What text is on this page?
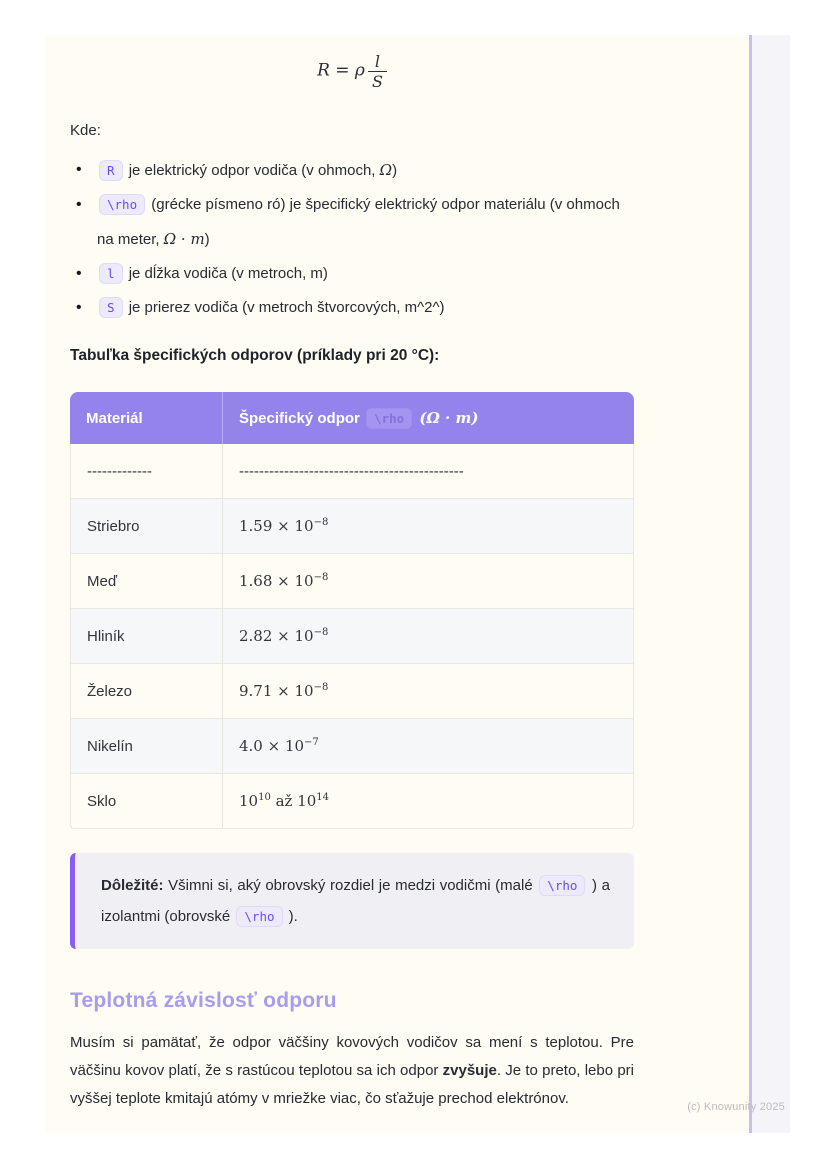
R = ρ $\frac{l}{S}$
Kde:
• R je elektrický odpor vodiča (v ohmoch, Ω)
• \rho (grécke písmeno ró) je špecifický elektrický odpor materiálu (v ohmoch na meter, Ω · m)
• l je dĺžka vodiča (v metroch, m)
• S je prierez vodiča (v metroch štvorcových, m^2^)
Tabuľka špecifických odporov (príklady pri 20 °C):
Materiál	Špecifický odpor \rho (Ω · m)
-------------	---------------------------------------------
Striebro	$1.59 \times 10^{-8}$
Meď	$1.68 \times 10^{-8}$
Hliník	$2.82 \times 10^{-8}$
Železo	$9.71 \times 10^{-8}$
Nikelín	$4.0 \times 10^{-7}$
Sklo	$10^{10}$ až $10^{14}$
Dôležité: Všimni si, aký obrovský rozdiel je medzi vodičmi (malé \rho ) a izolantmi (obrovské \rho ).
Teplotná závislosť odporu

Musím si pamätať, že odpor väčšiny kovových vodičov sa mení s teplotou. Pre väčšinu kovov platí, že s rastúcou teplotou sa ich odpor zvyšuje. Je to preto, lebo pri vyššej teplote kmitajú atómy v mriežke viac, čo sťažuje prechod elektrónov.	(c) Knowunity 2025
